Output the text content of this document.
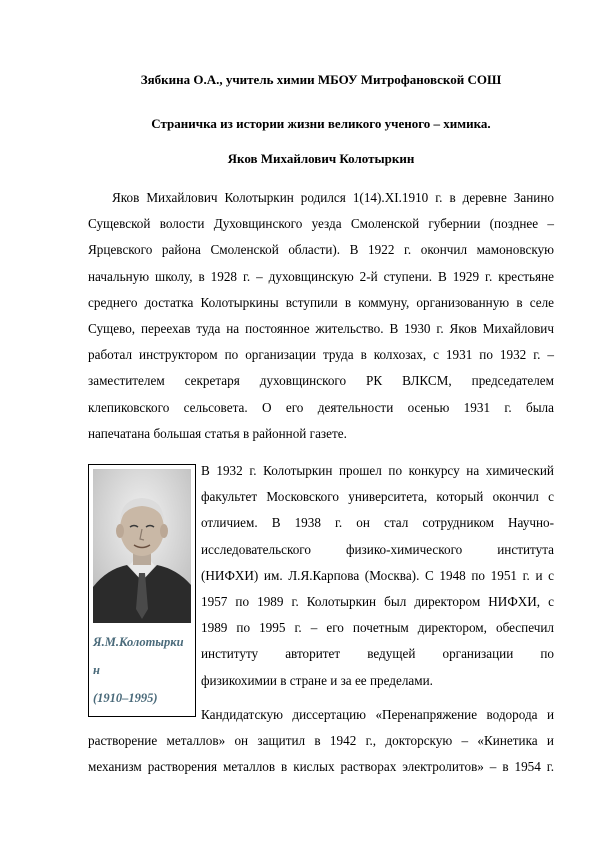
Зябкина О.А., учитель химии МБОУ Митрофановской СОШ
Страничка из истории жизни великого ученого – химика.
Яков Михайлович Колотыркин
Яков Михайлович Колотыркин родился 1(14).XI.1910 г. в деревне Занино
Сущевской волости Духовщинского уезда Смоленской губернии (позднее –
Ярцевского района Смоленской области). В 1922 г. окончил мамоновскую
начальную школу, в 1928 г. – духовщинскую 2-й ступени. В 1929 г. крестьяне
среднего достатка Колотыркины вступили в коммуну, организованную в селе
Сущево, переехав туда на постоянное жительство. В 1930 г. Яков Михайлович
работал инструктором по организации труда в колхозах, с 1931 по 1932 г. –
заместителем секретаря духовщинского РК ВЛКСМ, председателем
клепиковского сельсовета. О его деятельности осенью 1931 г. была
напечатана большая статья в районной газете.
Я.М.Колотырки
н
(1910–1995)
В 1932 г. Колотыркин прошел по конкурсу на химический
факультет Московского университета, который окончил с
отличием. В 1938 г. он стал сотрудником Научно-
исследовательского физико-химического института
(НИФХИ) им. Л.Я.Карпова (Москва). С 1948 по 1951 г. и с
1957 по 1989 г. Колотыркин был директором НИФХИ, с
1989 по 1995 г. – его почетным директором, обеспечил
институту авторитет ведущей организации по
физикохимии в стране и за ее пределами.
Кандидатскую диссертацию «Перенапряжение водорода и
растворение металлов» он защитил в 1942 г., докторскую – «Кинетика и
механизм растворения металлов в кислых растворах электролитов» – в 1954 г.
